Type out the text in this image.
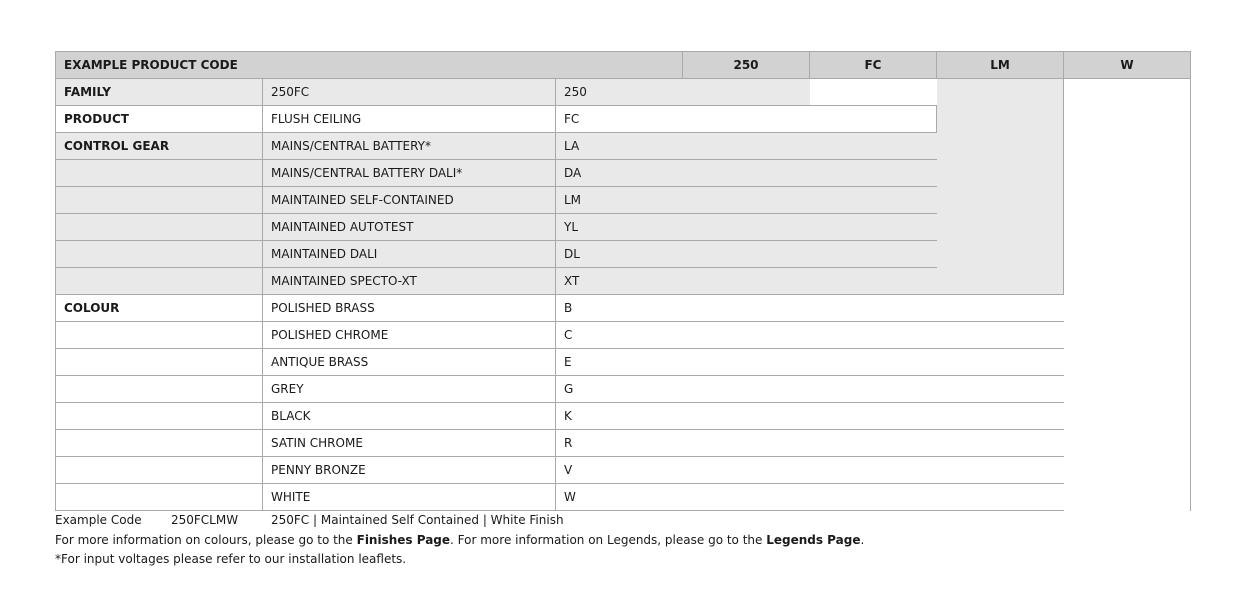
EXAMPLE PRODUCT CODE			250	FC	LM	W
FAMILY	250FC	250				
PRODUCT	FLUSH CEILING	FC				
CONTROL GEAR	MAINS/CENTRAL BATTERY*	LA				
	MAINS/CENTRAL BATTERY DALI*	DA				
	MAINTAINED SELF-CONTAINED	LM				
	MAINTAINED AUTOTEST	YL				
	MAINTAINED DALI	DL				
	MAINTAINED SPECTO-XT	XT				
COLOUR	POLISHED BRASS	B				
	POLISHED CHROME	C				
	ANTIQUE BRASS	E				
	GREY	G				
	BLACK	K				
	SATIN CHROME	R				
	PENNY BRONZE	V				
	WHITE	W				
Example Code 250FCLMW	250FC | Maintained Self Contained | White Finish
For more information on colours, please go to the Finishes Page. For more information on Legends, please go to the Legends Page.
*For input voltages please refer to our installation leaflets.
